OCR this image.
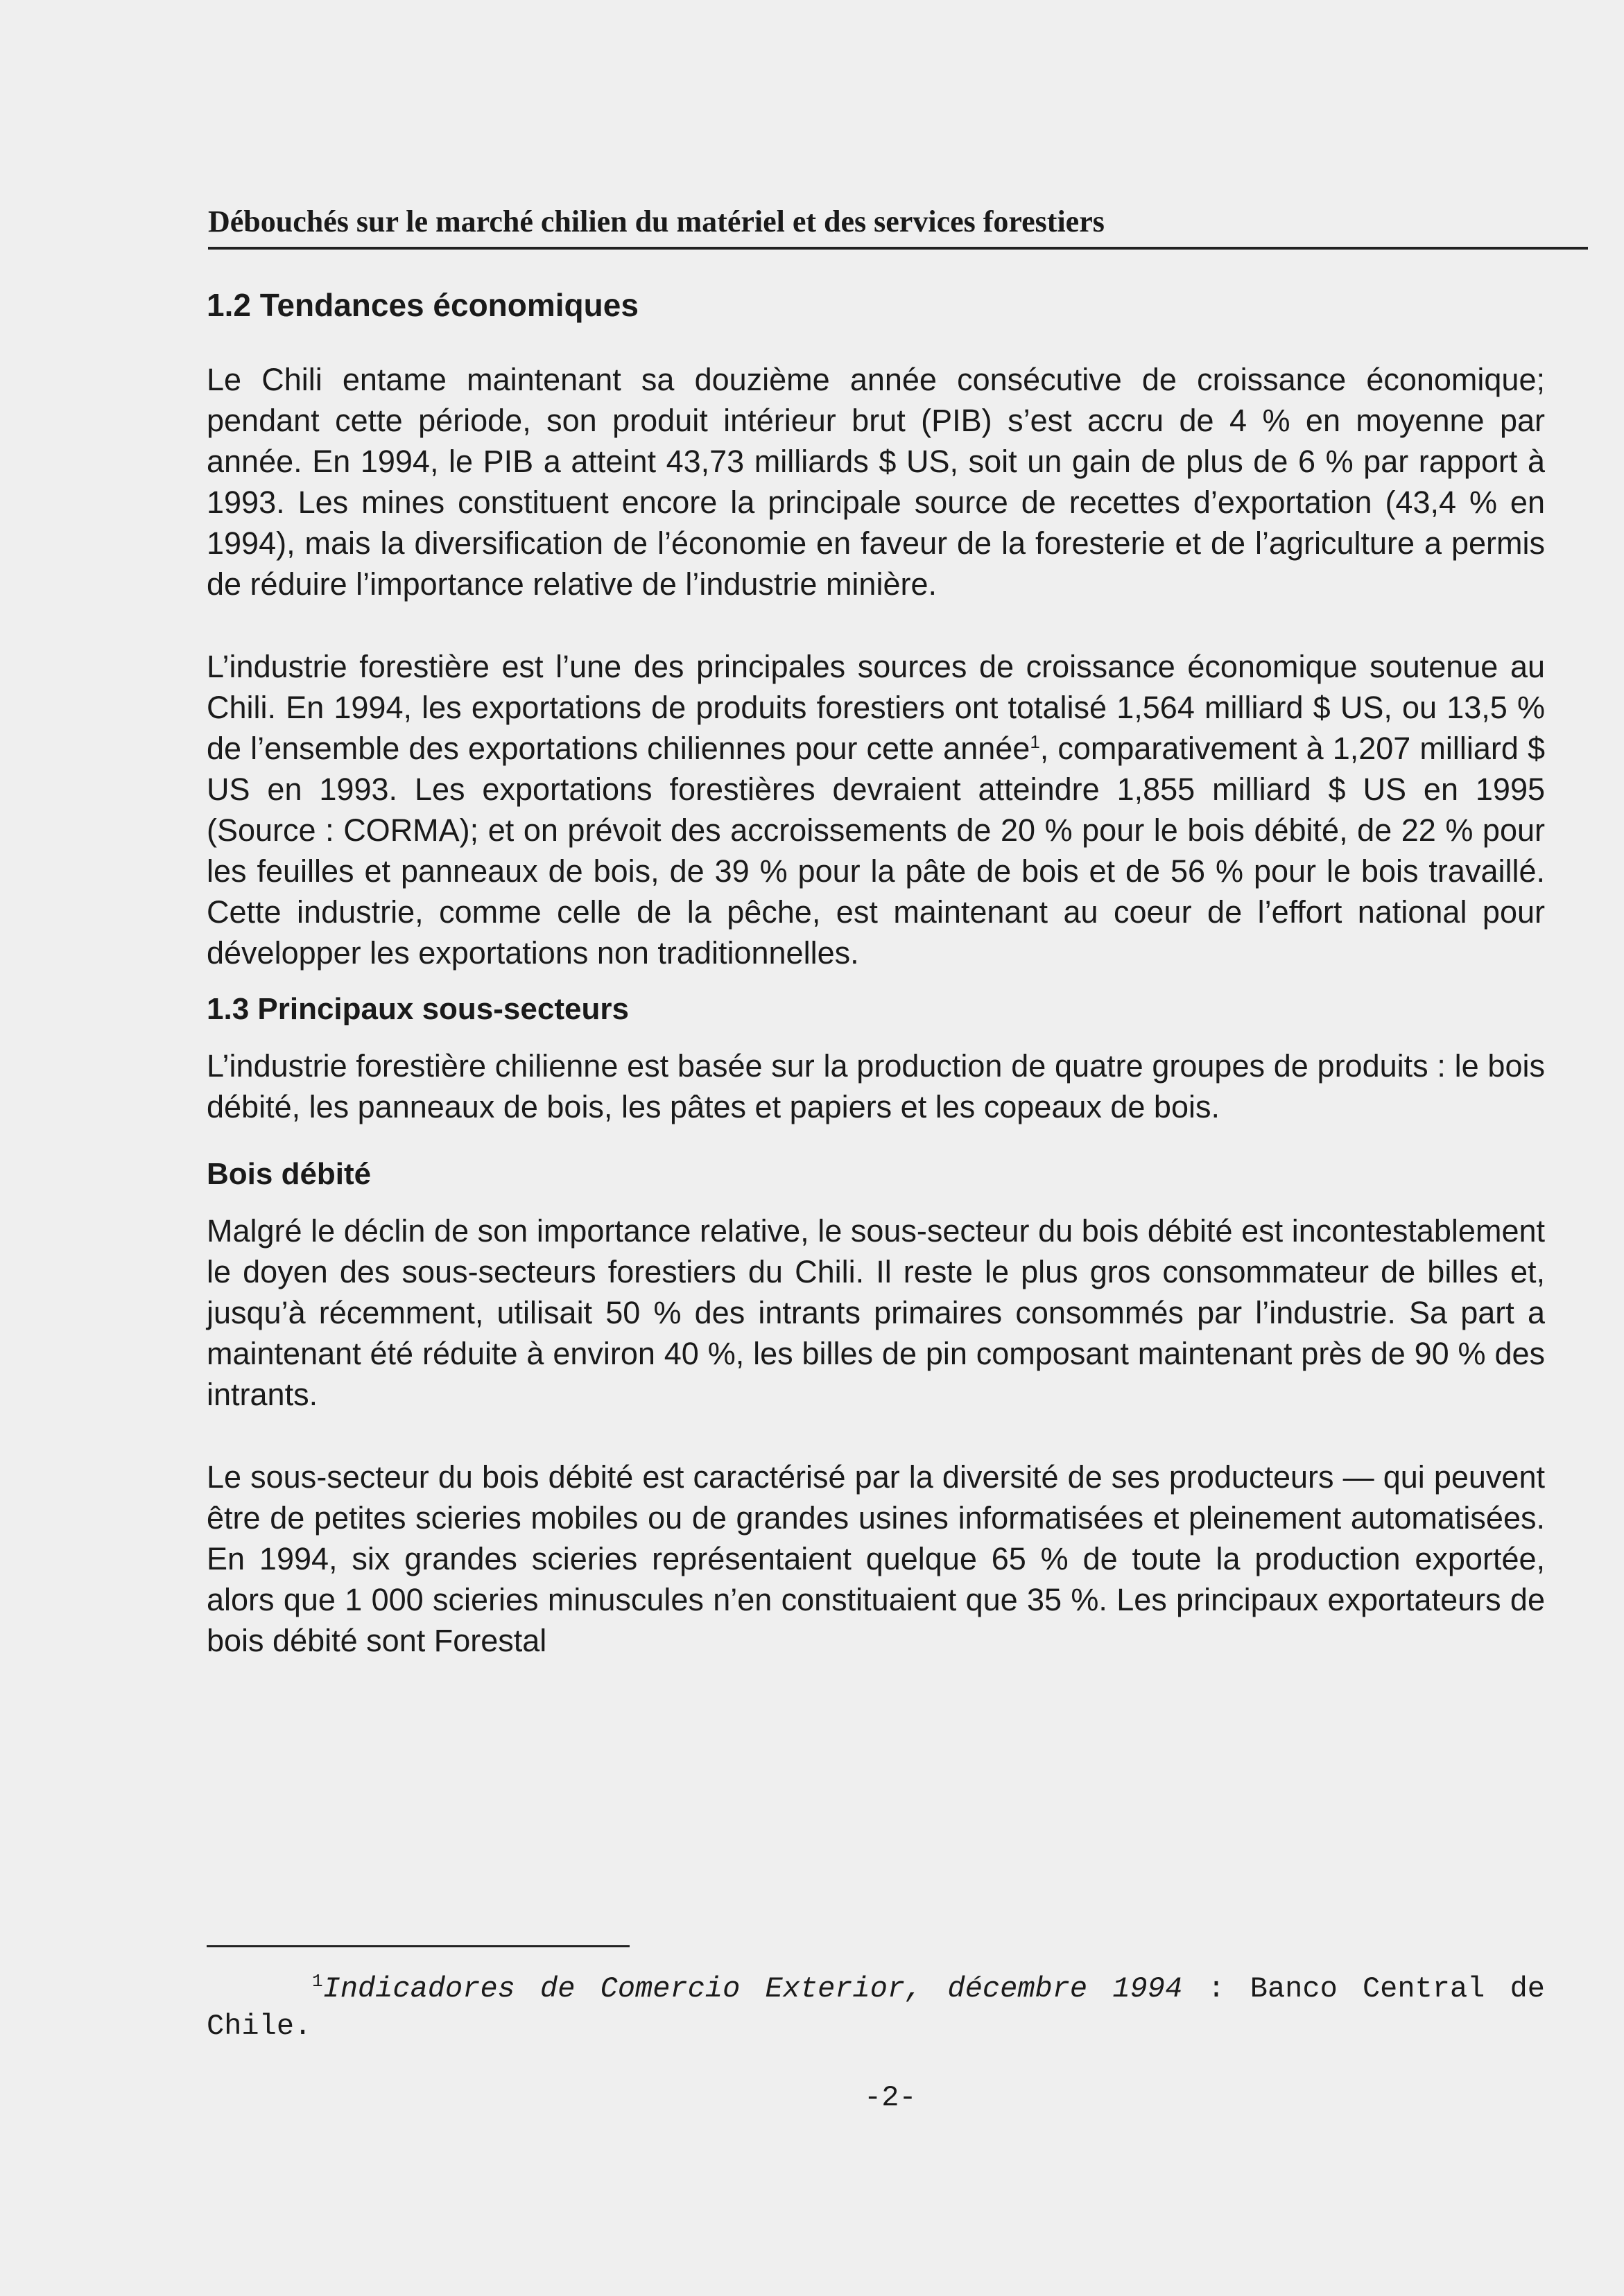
Débouchés sur le marché chilien du matériel et des services forestiers
1.2 Tendances économiques

Le Chili entame maintenant sa douzième année consécutive de croissance économique; pendant cette période, son produit intérieur brut (PIB) s’est accru de 4 % en moyenne par année. En 1994, le PIB a atteint 43,73 milliards $ US, soit un gain de plus de 6 % par rapport à 1993. Les mines constituent encore la principale source de recettes d’exportation (43,4 % en 1994), mais la diversification de l’économie en faveur de la foresterie et de l’agriculture a permis de réduire l’importance relative de l’industrie minière.

L’industrie forestière est l’une des principales sources de croissance économique soutenue au Chili. En 1994, les exportations de produits forestiers ont totalisé 1,564 milliard $ US, ou 13,5 % de l’ensemble des exportations chiliennes pour cette année$^1$, comparativement à 1,207 milliard $ US en 1993. Les exportations forestières devraient atteindre 1,855 milliard $ US en 1995 (Source : CORMA); et on prévoit des accroissements de 20 % pour le bois débité, de 22 % pour les feuilles et panneaux de bois, de 39 % pour la pâte de bois et de 56 % pour le bois travaillé. Cette industrie, comme celle de la pêche, est maintenant au coeur de l’effort national pour développer les exportations non traditionnelles.

1.3 Principaux sous-secteurs

L’industrie forestière chilienne est basée sur la production de quatre groupes de produits : le bois débité, les panneaux de bois, les pâtes et papiers et les copeaux de bois.

Bois débité

Malgré le déclin de son importance relative, le sous-secteur du bois débité est incontestablement le doyen des sous-secteurs forestiers du Chili. Il reste le plus gros consommateur de billes et, jusqu’à récemment, utilisait 50 % des intrants primaires consommés par l’industrie. Sa part a maintenant été réduite à environ 40 %, les billes de pin composant maintenant près de 90 % des intrants.

Le sous-secteur du bois débité est caractérisé par la diversité de ses producteurs — qui peuvent être de petites scieries mobiles ou de grandes usines informatisées et pleinement automatisées. En 1994, six grandes scieries représentaient quelque 65 % de toute la production exportée, alors que 1 000 scieries minuscules n’en constituaient que 35 %. Les principaux exportateurs de bois débité sont Forestal

$^1$Indicadores de Comercio Exterior, décembre 1994 : Banco Central de Chile.
-2-
